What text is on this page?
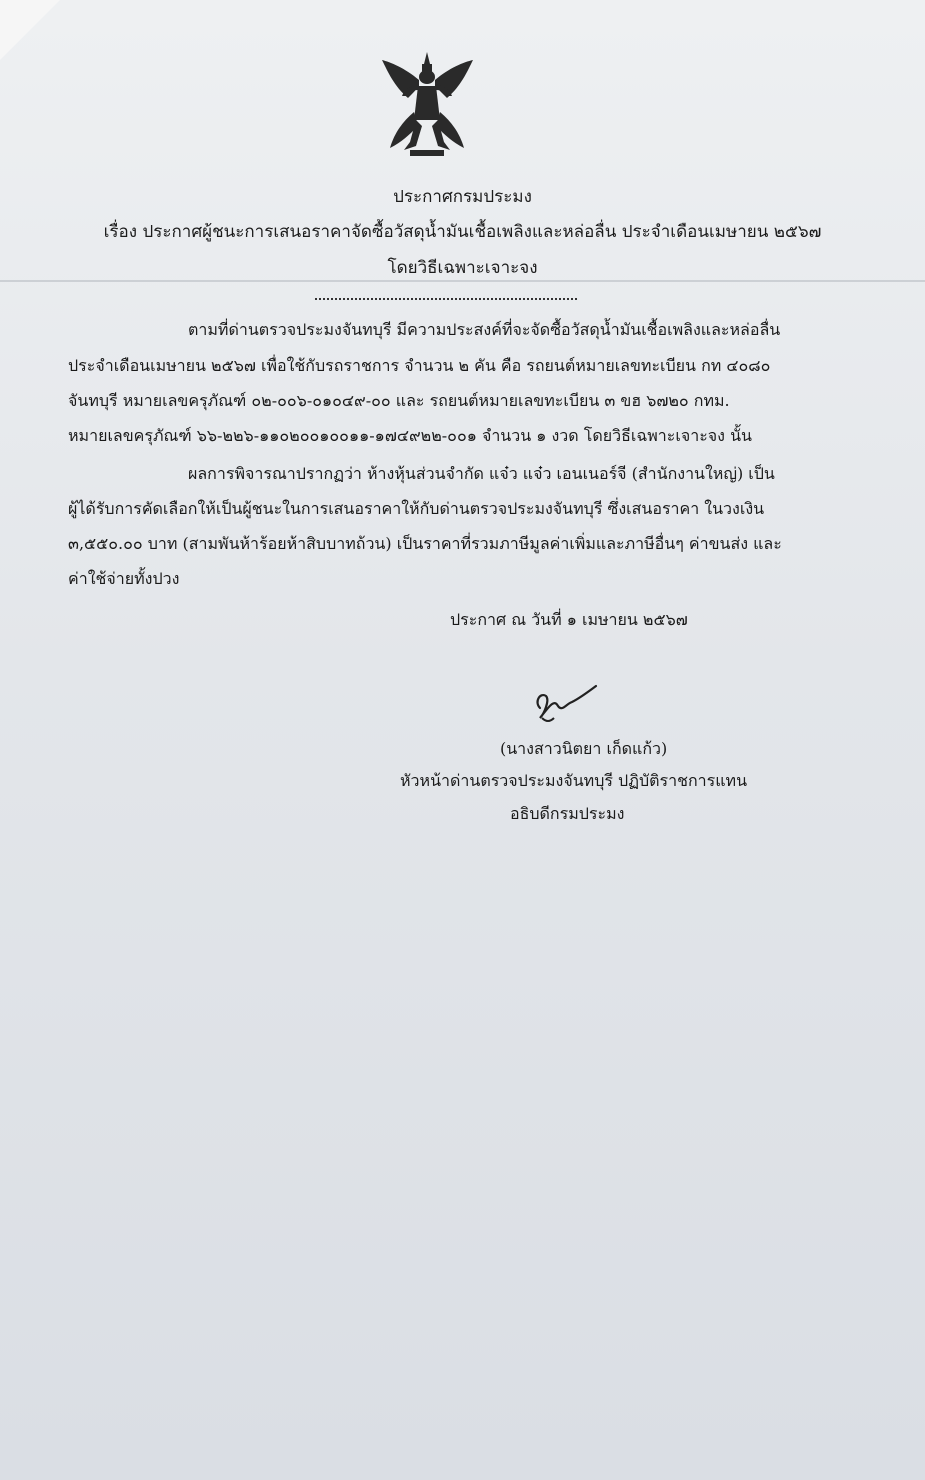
ประกาศกรมประมง
เรื่อง ประกาศผู้ชนะการเสนอราคาจัดซื้อวัสดุน้ำมันเชื้อเพลิงและหล่อลื่น ประจำเดือนเมษายน ๒๕๖๗
โดยวิธีเฉพาะเจาะจง
ตามที่ด่านตรวจประมงจันทบุรี มีความประสงค์ที่จะจัดซื้อวัสดุน้ำมันเชื้อเพลิงและหล่อลื่น
ประจำเดือนเมษายน ๒๕๖๗ เพื่อใช้กับรถราชการ จำนวน ๒ คัน คือ รถยนต์หมายเลขทะเบียน กท ๔๐๘๐
จันทบุรี หมายเลขครุภัณฑ์ ๐๒-๐๐๖-๐๑๐๔๙-๐๐ และ รถยนต์หมายเลขทะเบียน ๓ ขฮ ๖๗๒๐ กทม.
หมายเลขครุภัณฑ์ ๖๖-๒๒๖-๑๑๐๒๐๐๑๐๐๑๑-๑๗๔๙๒๒-๐๐๑ จำนวน ๑ งวด โดยวิธีเฉพาะเจาะจง นั้น
ผลการพิจารณาปรากฏว่า ห้างหุ้นส่วนจำกัด แจ๋ว แจ๋ว เอนเนอร์จี (สำนักงานใหญ่) เป็น
ผู้ได้รับการคัดเลือกให้เป็นผู้ชนะในการเสนอราคาให้กับด่านตรวจประมงจันทบุรี ซึ่งเสนอราคา ในวงเงิน
๓,๕๕๐.๐๐ บาท (สามพันห้าร้อยห้าสิบบาทถ้วน) เป็นราคาที่รวมภาษีมูลค่าเพิ่มและภาษีอื่นๆ ค่าขนส่ง และ
ค่าใช้จ่ายทั้งปวง
ประกาศ ณ วันที่ ๑ เมษายน ๒๕๖๗
(นางสาวนิตยา เก็ดแก้ว)
หัวหน้าด่านตรวจประมงจันทบุรี ปฏิบัติราชการแทน
อธิบดีกรมประมง
